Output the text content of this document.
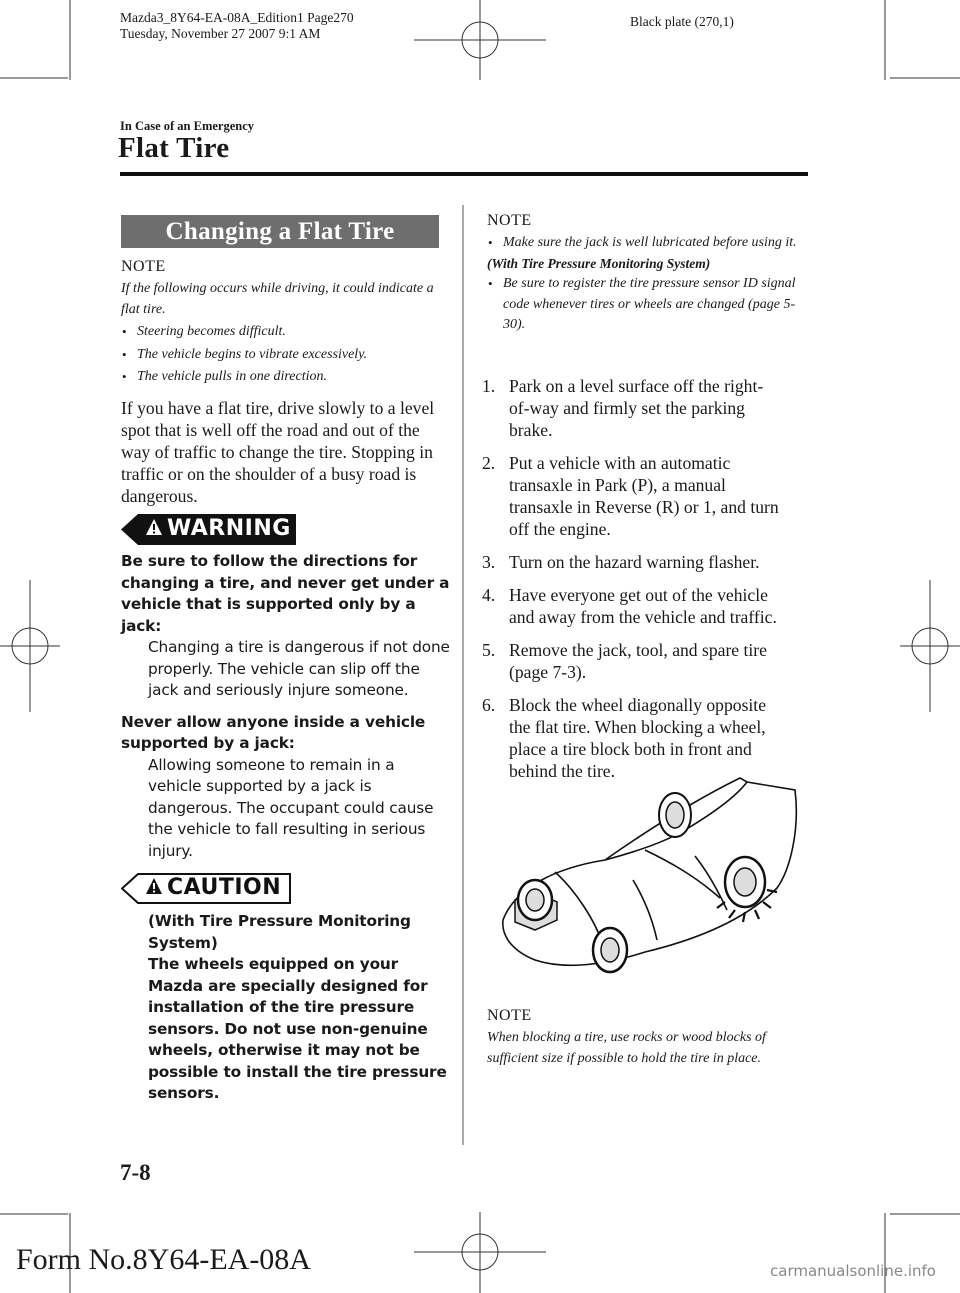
Mazda3_8Y64-EA-08A_Edition1 Page270
Tuesday, November 27 2007 9:1 AM
Black plate (270,1)
In Case of an Emergency
Flat Tire
Changing a Flat Tire
NOTE
If the following occurs while driving, it could indicate a flat tire.
• Steering becomes difficult.
• The vehicle begins to vibrate excessively.
• The vehicle pulls in one direction.
If you have a flat tire, drive slowly to a level spot that is well off the road and out of the way of traffic to change the tire. Stopping in traffic or on the shoulder of a busy road is dangerous.
WARNING
Be sure to follow the directions for changing a tire, and never get under a vehicle that is supported only by a jack:
Changing a tire is dangerous if not done properly. The vehicle can slip off the jack and seriously injure someone.
Never allow anyone inside a vehicle supported by a jack:
Allowing someone to remain in a vehicle supported by a jack is dangerous. The occupant could cause the vehicle to fall resulting in serious injury.
CAUTION
(With Tire Pressure Monitoring System)
The wheels equipped on your Mazda are specially designed for installation of the tire pressure sensors. Do not use non-genuine wheels, otherwise it may not be possible to install the tire pressure sensors.
NOTE
• Make sure the jack is well lubricated before using it.
(With Tire Pressure Monitoring System)
• Be sure to register the tire pressure sensor ID signal code whenever tires or wheels are changed (page 5-30).
1. Park on a level surface off the right-of-way and firmly set the parking brake.
2. Put a vehicle with an automatic transaxle in Park (P), a manual transaxle in Reverse (R) or 1, and turn off the engine.
3. Turn on the hazard warning flasher.
4. Have everyone get out of the vehicle and away from the vehicle and traffic.
5. Remove the jack, tool, and spare tire (page 7-3).
6. Block the wheel diagonally opposite the flat tire. When blocking a wheel, place a tire block both in front and behind the tire.
NOTE
When blocking a tire, use rocks or wood blocks of sufficient size if possible to hold the tire in place.
7-8
Form No.8Y64-EA-08A	carmanualsonline.info
